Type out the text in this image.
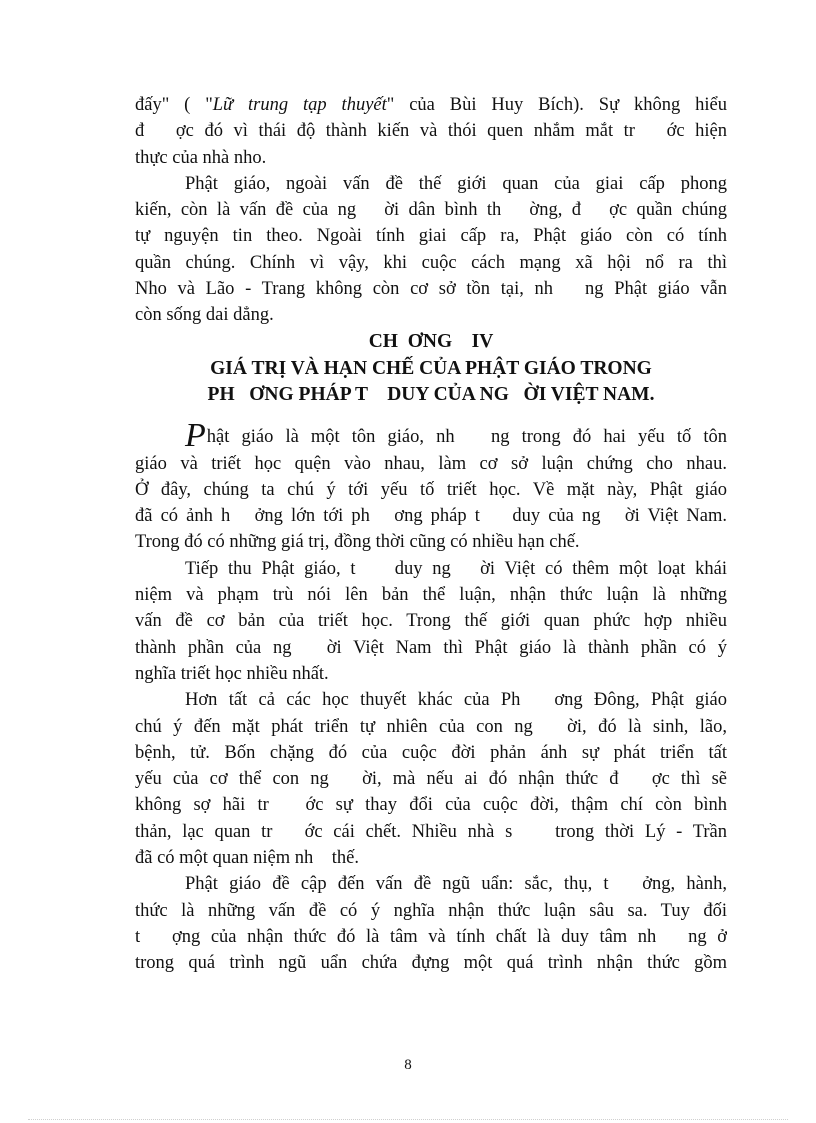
đấy" ( "Lữ trung tạp thuyết" của Bùi Huy Bích). Sự không hiểu
đ   ợc đó vì thái độ thành kiến và thói quen nhắm mắt tr   ớc hiện
thực của nhà nho.
Phật giáo, ngoài vấn đề thế giới quan của giai cấp phong
kiến, còn là vấn đề của ng   ời dân bình th   ờng, đ   ợc quần chúng
tự nguyện tin theo. Ngoài tính giai cấp ra, Phật giáo còn có tính
quần chúng. Chính vì vậy, khi cuộc cách mạng xã hội nổ ra thì
Nho và Lão - Trang không còn cơ sở tồn tại, nh   ng Phật giáo vẫn
còn sống dai dẳng.
CH  ƠNG    IV
GIÁ TRỊ VÀ HẠN CHẾ CỦA PHẬT GIÁO TRONG
PH   ƠNG PHÁP T    DUY CỦA NG   ỜI VIỆT NAM.
Phật giáo là một tôn giáo, nh   ng trong đó hai yếu tố tôn
giáo và triết học quện vào nhau, làm cơ sở luận chứng cho nhau.
Ở đây, chúng ta chú ý tới yếu tố triết học. Về mặt này, Phật giáo
đã có ảnh h   ởng lớn tới ph   ơng pháp t    duy của ng   ời Việt Nam.
Trong đó có những giá trị, đồng thời cũng có nhiều hạn chế.
Tiếp thu Phật giáo, t    duy ng   ời Việt có thêm một loạt khái
niệm và phạm trù nói lên bản thể luận, nhận thức luận là những
vấn đề cơ bản của triết học. Trong thế giới quan phức hợp nhiều
thành phần của ng   ời Việt Nam thì Phật giáo là thành phần có ý
nghĩa triết học nhiều nhất.
Hơn tất cả các học thuyết khác của Ph   ơng Đông, Phật giáo
chú ý đến mặt phát triển tự nhiên của con ng   ời, đó là sinh, lão,
bệnh, tử. Bốn chặng đó của cuộc đời phản ánh sự phát triển tất
yếu của cơ thể con ng   ời, mà nếu ai đó nhận thức đ   ợc thì sẽ
không sợ hãi tr   ớc sự thay đổi của cuộc đời, thậm chí còn bình
thản, lạc quan tr   ớc cái chết. Nhiều nhà s    trong thời Lý - Trần
đã có một quan niệm nh    thế.
Phật giáo đề cập đến vấn đề ngũ uẩn: sắc, thụ, t   ởng, hành,
thức là những vấn đề có ý nghĩa nhận thức luận sâu sa. Tuy đối
t   ợng của nhận thức đó là tâm và tính chất là duy tâm nh   ng ở
trong quá trình ngũ uẩn chứa đựng một quá trình nhận thức gồm
8
